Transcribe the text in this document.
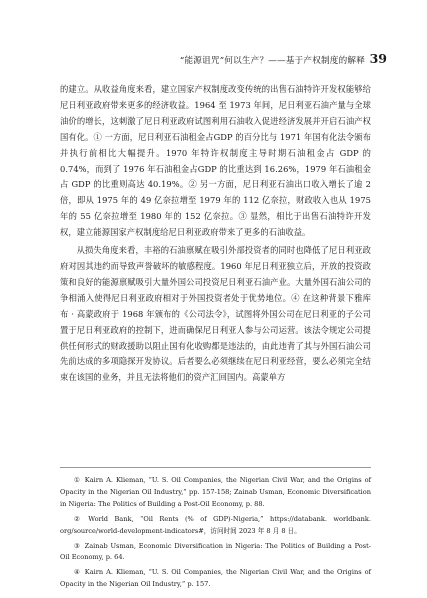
“能源诅咒”何以生产？——基于产权制度的解释 39

的建立。从收益角度来看，建立国家产权制度改变传统的出售石油特许开发权能够给尼日利亚政府带来更多的经济收益。1964 至 1973 年间，尼日利亚石油产量与全球油价的增长，这刺激了尼日利亚政府试图利用石油收入促进经济发展并开启石油产权国有化。① 一方面，尼日利亚石油租金占GDP 的百分比与 1971 年国有化法令颁布并执行前相比大幅提升。1970 年特许权制度主导时期石油租金占 GDP 的 0.74%，而到了 1976 年石油租金占GDP 的比重达到 16.26%，1979 年石油租金占 GDP 的比重则高达 40.19%。② 另一方面，尼日利亚石油出口收入增长了逾 2 倍，即从 1975 年的 49 亿奈拉增至 1979 年的 112 亿奈拉，财政收入也从 1975 年的 55 亿奈拉增至 1980 年的 152 亿奈拉。③ 显然，相比于出售石油特许开发权，建立能源国家产权制度给尼日利亚政府带来了更多的石油收益。

从损失角度来看，丰裕的石油禀赋在吸引外部投资者的同时也降低了尼日利亚政府对因其违约而导致声誉破坏的敏感程度。1960 年尼日利亚独立后，开放的投资政策和良好的能源禀赋吸引大量外国公司投资尼日利亚石油产业。大量外国石油公司的争相涌入使得尼日利亚政府相对于外国投资者处于优势地位。④ 在这种背景下雅库布 · 高蒙政府于 1968 年颁布的《公司法令》，试图将外国公司在尼日利亚的子公司置于尼日利亚政府的控制下，进而确保尼日利亚人参与公司运营。该法令规定公司提供任何形式的财政援助以阻止国有化收购都是违法的，由此违背了其与外国石油公司先前达成的多项隐探开发协议。后者要么必须继续在尼日利亚经营，要么必须完全结束在该国的业务，并且无法将他们的资产汇回国内。高蒙单方

① Kairn A. Klieman, “U. S. Oil Companies, the Nigerian Civil War, and the Origins of Opacity in the Nigerian Oil Industry,” pp. 157-158; Zainab Usman, Economic Diversification in Nigeria: The Politics of Building a Post-Oil Economy, p. 88.

② World Bank, “Oil Rents (% of GDP)-Nigeria,” https://databank. worldbank. org/source/world-development-indicators#，访问时间 2023 年 8 月 8 日。

③ Zainab Usman, Economic Diversification in Nigeria: The Politics of Building a Post-Oil Economy, p. 64.

④ Kairn A. Klieman, “U. S. Oil Companies, the Nigerian Civil War, and the Origins of Opacity in the Nigerian Oil Industry,” p. 157.
